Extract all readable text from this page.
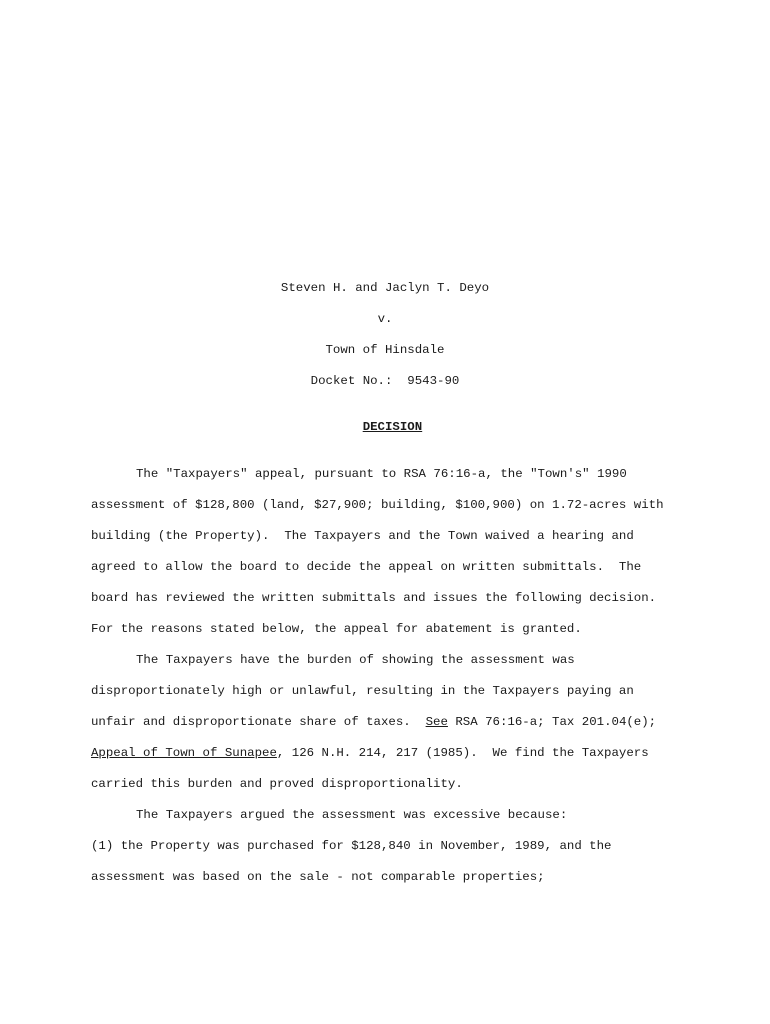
Steven H. and Jaclyn T. Deyo
v.
Town of Hinsdale
Docket No.:  9543-90

DECISION

The "Taxpayers" appeal, pursuant to RSA 76:16-a, the "Town's" 1990
assessment of $128,800 (land, $27,900; building, $100,900) on 1.72-acres with
building (the Property).  The Taxpayers and the Town waived a hearing and
agreed to allow the board to decide the appeal on written submittals.  The
board has reviewed the written submittals and issues the following decision.
For the reasons stated below, the appeal for abatement is granted.
The Taxpayers have the burden of showing the assessment was
disproportionately high or unlawful, resulting in the Taxpayers paying an
unfair and disproportionate share of taxes.  See RSA 76:16-a; Tax 201.04(e);
Appeal of Town of Sunapee, 126 N.H. 214, 217 (1985).  We find the Taxpayers
carried this burden and proved disproportionality.
The Taxpayers argued the assessment was excessive because:
(1) the Property was purchased for $128,840 in November, 1989, and the
assessment was based on the sale - not comparable properties;
